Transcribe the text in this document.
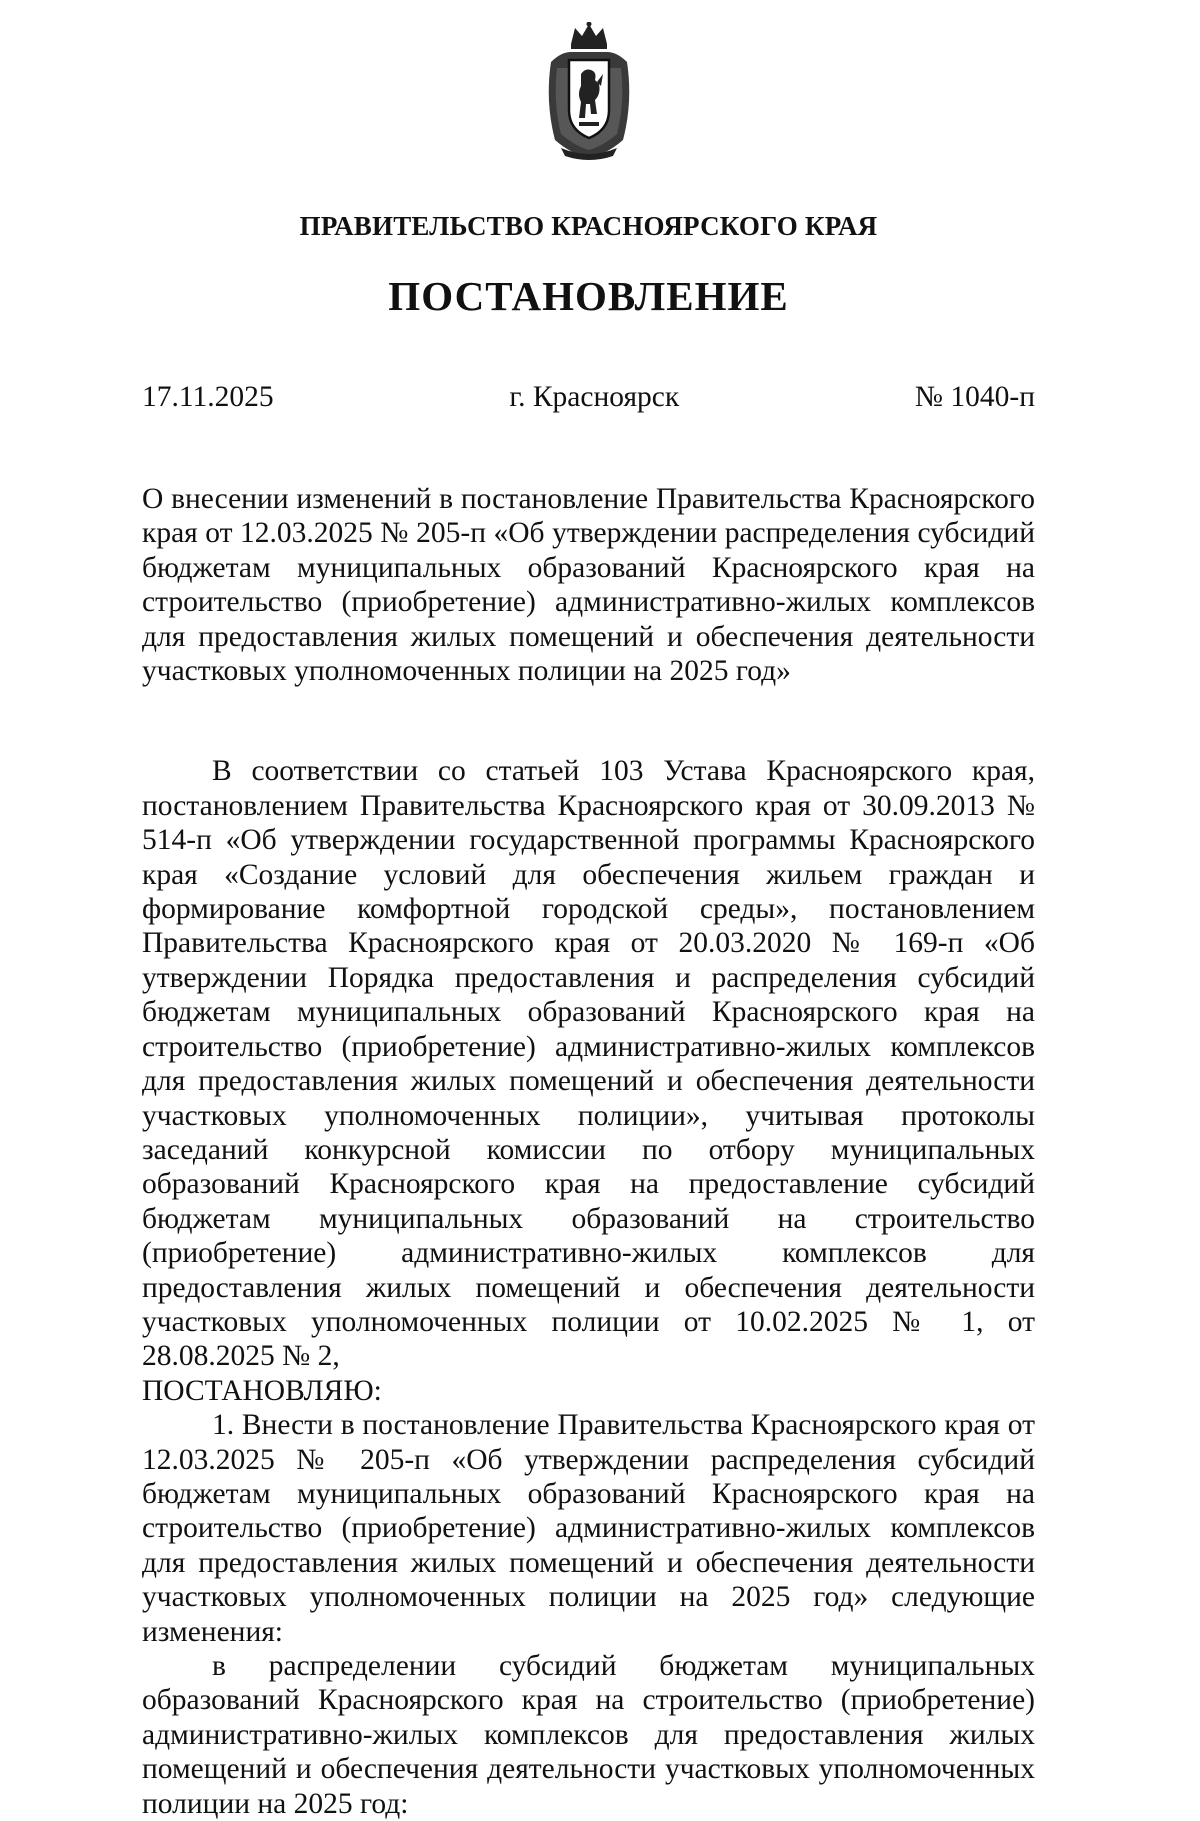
ПРАВИТЕЛЬСТВО КРАСНОЯРСКОГО КРАЯ
ПОСТАНОВЛЕНИЕ
17.11.2025	г. Красноярск	№ 1040-п

О внесении изменений в постановление Правительства Красноярского края от 12.03.2025 № 205-п «Об утверждении распределения субсидий бюджетам муниципальных образований Красноярского края на строительство (приобретение) административно-жилых комплексов для предоставления жилых помещений и обеспечения деятельности участковых уполномоченных полиции на 2025 год»

В соответствии со статьей 103 Устава Красноярского края, постановлением Правительства Красноярского края от 30.09.2013 № 514-п «Об утверждении государственной программы Красноярского края «Создание условий для обеспечения жильем граждан и формирование комфортной городской среды», постановлением Правительства Красноярского края от 20.03.2020 № 169-п «Об утверждении Порядка предоставления и распределения субсидий бюджетам муниципальных образований Красноярского края на строительство (приобретение) административно-жилых комплексов для предоставления жилых помещений и обеспечения деятельности участковых уполномоченных полиции», учитывая протоколы заседаний конкурсной комиссии по отбору муниципальных образований Красноярского края на предоставление субсидий бюджетам муниципальных образований на строительство (приобретение) административно-жилых комплексов для предоставления жилых помещений и обеспечения деятельности участковых уполномоченных полиции от 10.02.2025 № 1, от 28.08.2025 № 2,

ПОСТАНОВЛЯЮ:

1. Внести в постановление Правительства Красноярского края от 12.03.2025 № 205-п «Об утверждении распределения субсидий бюджетам муниципальных образований Красноярского края на строительство (приобретение) административно-жилых комплексов для предоставления жилых помещений и обеспечения деятельности участковых уполномоченных полиции на 2025 год» следующие изменения:

в распределении субсидий бюджетам муниципальных образований Красноярского края на строительство (приобретение) административно-жилых комплексов для предоставления жилых помещений и обеспечения деятельности участковых уполномоченных полиции на 2025 год:
